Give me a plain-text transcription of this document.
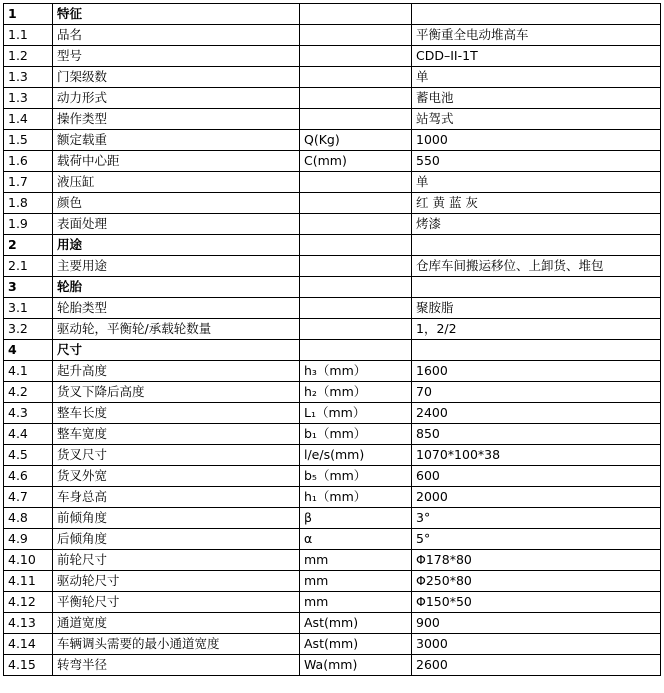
1	特征		
1.1	品名		平衡重全电动堆高车
1.2	型号		CDD–II-1T
1.3	门架级数		单
1.3	动力形式		蓄电池
1.4	操作类型		站驾式
1.5	额定载重	Q(Kg)	1000
1.6	载荷中心距	C(mm)	550
1.7	液压缸		单
1.8	颜色		红 黄 蓝 灰
1.9	表面处理		烤漆
2	用途		
2.1	主要用途		仓库车间搬运移位、上卸货、堆包
3	轮胎		
3.1	轮胎类型		聚胺脂
3.2	驱动轮，平衡轮/承载轮数量		1，2/2
4	尺寸		
4.1	起升高度	h₃（mm）	1600
4.2	货叉下降后高度	h₂（mm）	70
4.3	整车长度	L₁（mm）	2400
4.4	整车宽度	b₁（mm）	850
4.5	货叉尺寸	l/e/s(mm)	1070*100*38
4.6	货叉外宽	b₅（mm）	600
4.7	车身总高	h₁（mm）	2000
4.8	前倾角度	β	3°
4.9	后倾角度	α	5°
4.10	前轮尺寸	mm	Φ178*80
4.11	驱动轮尺寸	mm	Φ250*80
4.12	平衡轮尺寸	mm	Φ150*50
4.13	通道宽度	Ast(mm)	900
4.14	车辆调头需要的最小通道宽度	Ast(mm)	3000
4.15	转弯半径	Wa(mm)	2600
